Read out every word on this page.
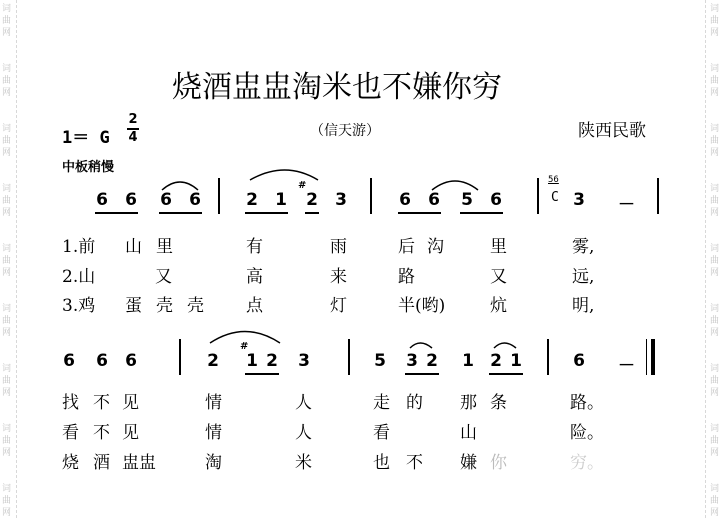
词
曲
网
词
曲
网
词
曲
网
词
曲
网
词
曲
网
词
曲
网
词
曲
网
词
曲
网
词
曲
网
词
曲
网
词
曲
网
词
曲
网
词
曲
网
词
曲
网
词
曲
网
词
曲
网
词
曲
网
词
曲
网
烧酒盅盅淘米也不嫌你穷
（信天游）	陕西民歌
1＝ G
2
4
中板稍慢
6 6 6 6	2 1
#
2 3	6 6 5 6
56
C 3 －
1.前 山 里	有	雨	后 沟	里	雾,
2.山	又	高	来	路	又	远,
3.鸡 蛋 壳 壳 点	灯	半(哟)	炕	明,
6 6 6	2
#
1 2 3	5 3 2 1 2 1	6 －
找 不 见	情	人	走 的 那 条	路。
看 不 见	情	人	看	山	险。
烧 酒 盅盅	淘	米	也 不 嫌 你	穷。
